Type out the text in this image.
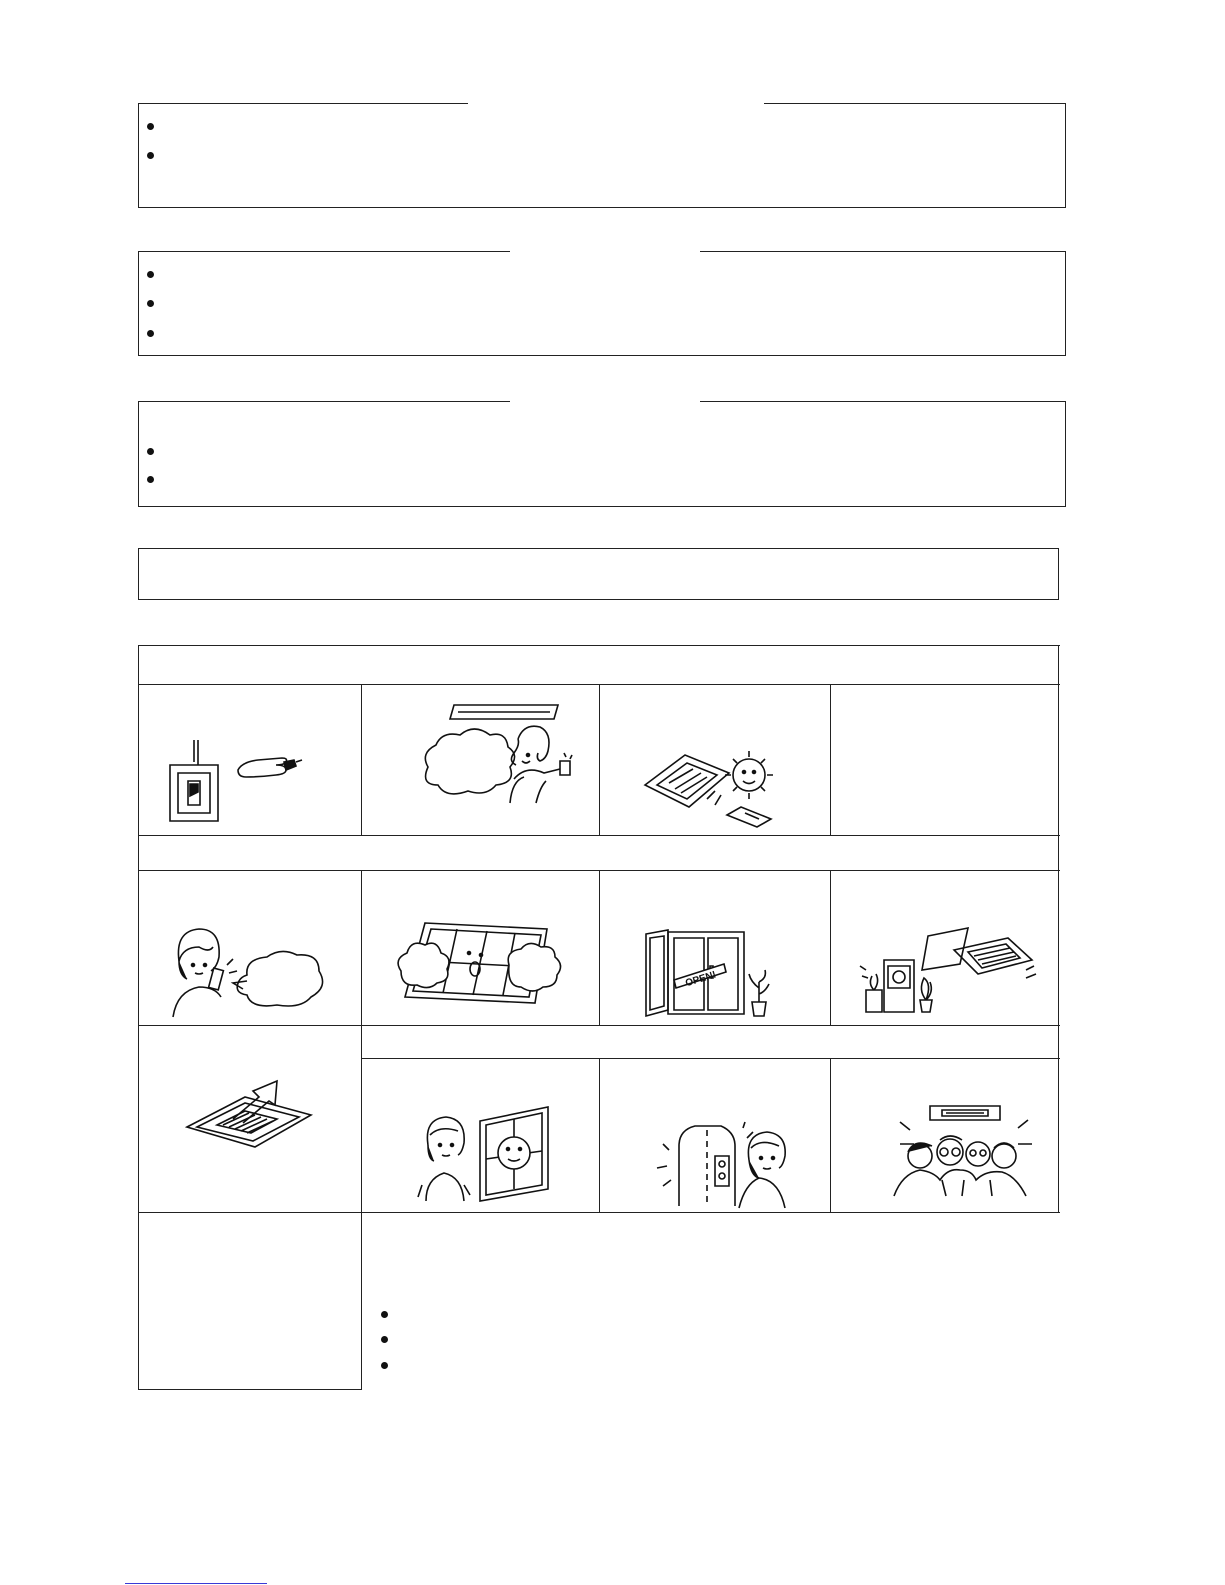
OPEN!
